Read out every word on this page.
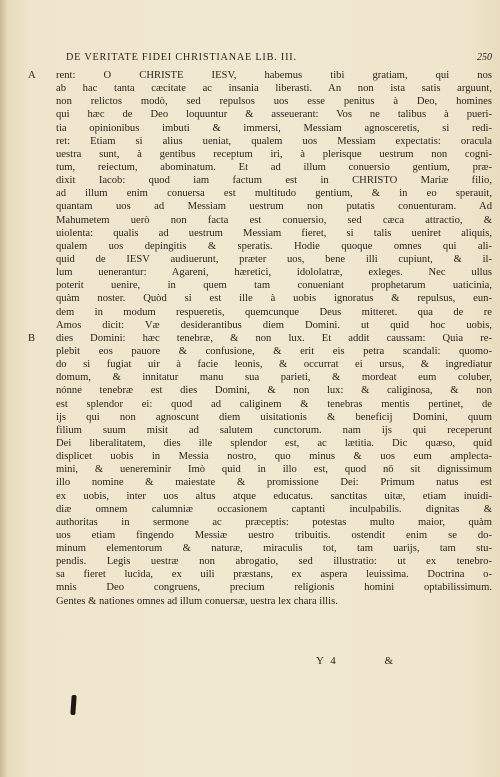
DE VERITATE FIDEI CHRISTIANAE LIB. III.	250
A	rent: O CHRISTE IESV, habemus tibi gratiam, qui nos
ab hac tanta cæcitate ac insania liberasti. An non ista satis arguunt,
non relictos modò, sed repulsos uos esse penitus à Deo, homines
qui hæc de Deo loquuntur & asseuerant: Vos ne talibus à pueri-
tia opinionibus imbuti & immersi, Messiam agnosceretis, si redi-
ret: Etiam si alius ueniat, qualem uos Messiam expectatis: oracula
uestra sunt, à gentibus receptum iri, à plerisque uestrum non cogni-
tum, reiectum, abominatum. Et ad illum conuersio gentium, præ-
dixit Iacob: quod iam factum est in CHRISTO Mariæ filio,
ad illum enim conuersa est multitudo gentium, & in eo sperauit,
quantam uos ad Messiam uestrum non putatis conuenturam. Ad
Mahumetem uerò non facta est conuersio, sed cæca attractio, &
uiolenta: qualis ad uestrum Messiam fieret, si talis ueniret aliquis,
qualem uos depingitis & speratis. Hodie quoque omnes qui ali-
quid de IESV audiuerunt, præter uos, bene illi cupiunt, & il-
lum uenerantur: Agareni, hæretici, idololatræ, exleges. Nec ullus
poterit uenire, in quem tam conueniant prophetarum uaticinia,
quàm noster. Quòd si est ille à uobis ignoratus & repulsus, eun-
dem in modum respueretis, quemcunque Deus mitteret. qua de re
Amos dicit: Væ desiderantibus diem Domini. ut quid hoc uobis,
B	dies Domini: hæc tenebræ, & non lux. Et addit caussam: Quia re-
plebit eos pauore & confusione, & erit eis petra scandali: quomo-
do si fugiat uir à facie leonis, & occurrat ei ursus, & ingrediatur
domum, & innitatur manu sua parieti, & mordeat eum coluber,
nónne tenebræ est dies Domini, & non lux: & caliginosa, & non
est splendor ei: quod ad caliginem & tenebras mentis pertinet, de
ijs qui non agnoscunt diem uisitationis & beneficij Domini, quum
filium suum misit ad salutem cunctorum. nam ijs qui receperunt
Dei liberalitatem, dies ille splendor est, ac lætitia. Dic quæso, quid
displicet uobis in Messia nostro, quo minus & uos eum amplecta-
mini, & uenereminir Imò quid in illo est, quod nō sit dignissimum
illo nomine & maiestate & promissione Dei: Primum natus est
ex uobis, inter uos altus atque educatus. sanctitas uitæ, etiam inuidi-
diæ omnem calumniæ occasionem captanti inculpabilis. dignitas &
authoritas in sermone ac præceptis: potestas multo maior, quàm
uos etiam fingendo Messiæ uestro tribuitis. ostendit enim se do-
minum elementorum & naturæ, miraculis tot, tam uarijs, tam stu-
pendis. Legis uestræ non abrogatio, sed illustratio: ut ex tenebro-
sa fieret lucida, ex uili præstans, ex aspera leuissima. Doctrina o-
mnis Deo congruens, precium religionis homini optabilissimum.
Gentes & nationes omnes ad illum conuersæ, uestra lex chara illis.
Y 4	&
